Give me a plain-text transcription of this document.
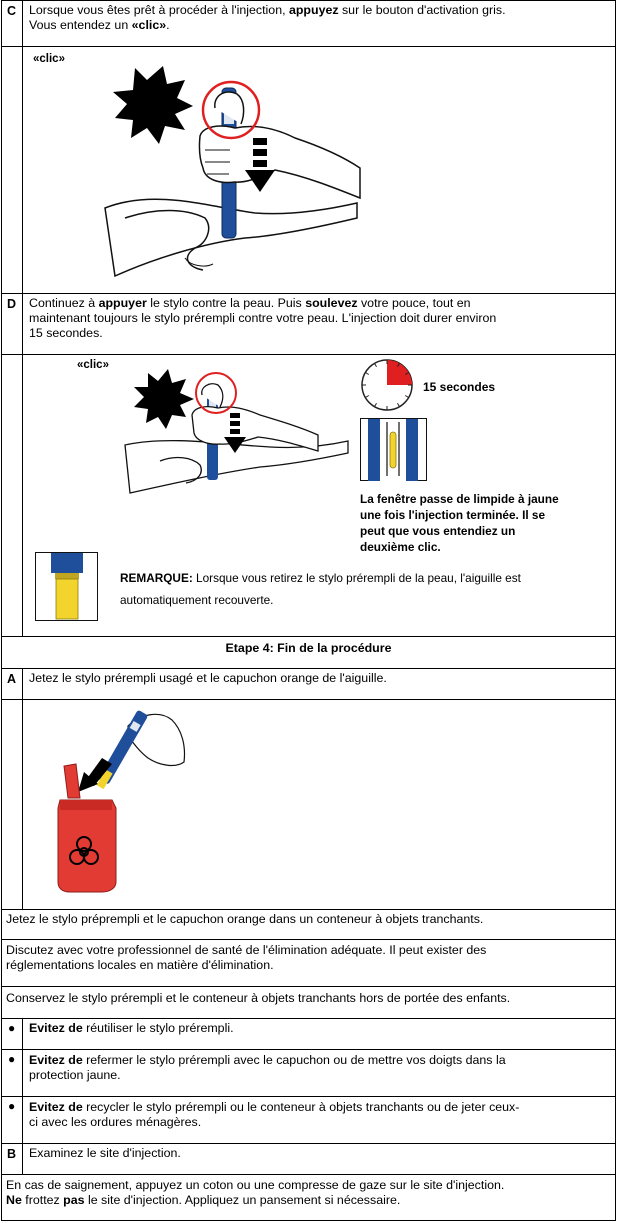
C Lorsque vous êtes prêt à procéder à l'injection, appuyez sur le bouton d'activation gris.
Vous entendez un «clic».
«clic»
D Continuez à appuyer le stylo contre la peau. Puis soulevez votre pouce, tout en
maintenant toujours le stylo prérempli contre votre peau. L'injection doit durer environ
15 secondes.
«clic»
15 secondes
La fenêtre passe de limpide à jaune
une fois l'injection terminée. Il se
peut que vous entendiez un
deuxième clic.
REMARQUE: Lorsque vous retirez le stylo prérempli de la peau, l'aiguille est
automatiquement recouverte.
Etape 4: Fin de la procédure
A Jetez le stylo prérempli usagé et le capuchon orange de l'aiguille.
Jetez le stylo préprempli et le capuchon orange dans un conteneur à objets tranchants.
Discutez avec votre professionnel de santé de l'élimination adéquate. Il peut exister des
réglementations locales en matière d'élimination.
Conservez le stylo prérempli et le conteneur à objets tranchants hors de portée des enfants.
● Evitez de réutiliser le stylo prérempli.
● Evitez de refermer le stylo prérempli avec le capuchon ou de mettre vos doigts dans la
protection jaune.
● Evitez de recycler le stylo prérempli ou le conteneur à objets tranchants ou de jeter ceux-
ci avec les ordures ménagères.
B Examinez le site d'injection.
En cas de saignement, appuyez un coton ou une compresse de gaze sur le site d'injection.
Ne frottez pas le site d'injection. Appliquez un pansement si nécessaire.
